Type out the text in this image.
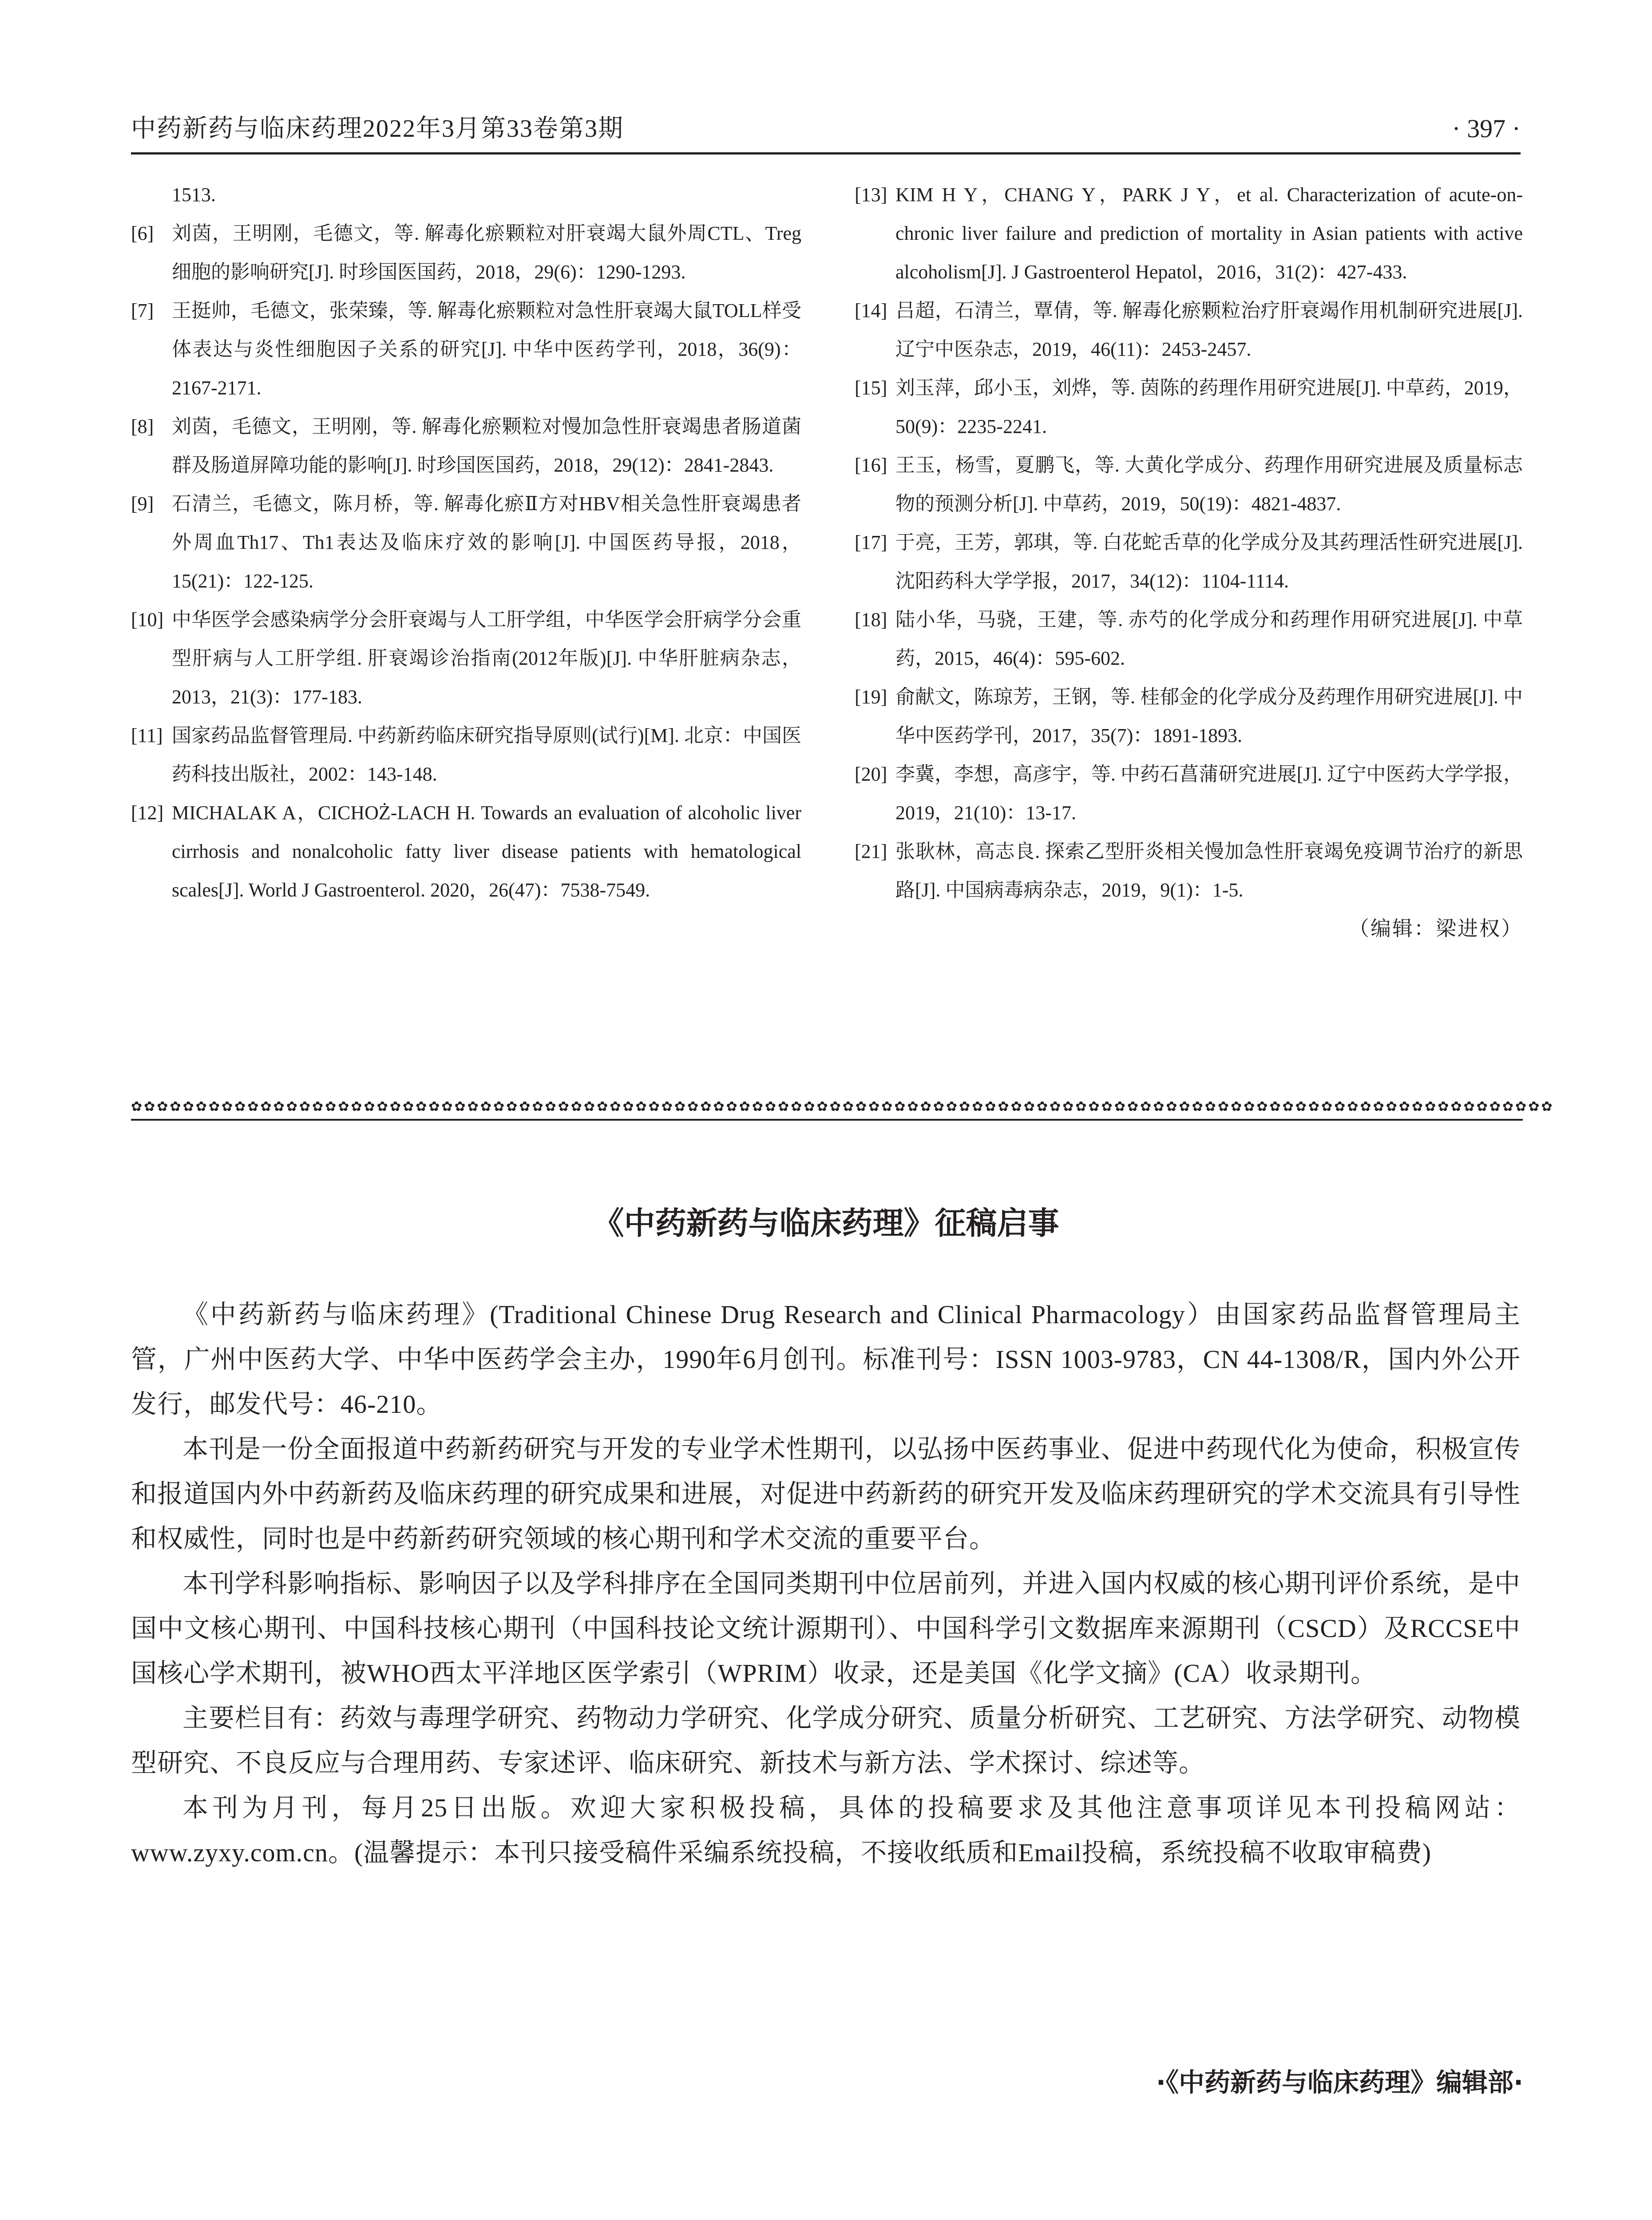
中药新药与临床药理2022年3月第33卷第3期	· 397 ·
1513.
[6] 刘茵，王明刚，毛德文，等. 解毒化瘀颗粒对肝衰竭大鼠外周CTL、Treg细胞的影响研究[J]. 时珍国医国药，2018，29(6)：1290-1293.
[7] 王挺帅，毛德文，张荣臻，等. 解毒化瘀颗粒对急性肝衰竭大鼠TOLL样受体表达与炎性细胞因子关系的研究[J]. 中华中医药学刊，2018，36(9)：2167-2171.
[8] 刘茵，毛德文，王明刚，等. 解毒化瘀颗粒对慢加急性肝衰竭患者肠道菌群及肠道屏障功能的影响[J]. 时珍国医国药，2018，29(12)：2841-2843.
[9] 石清兰，毛德文，陈月桥，等. 解毒化瘀Ⅱ方对HBV相关急性肝衰竭患者外周血Th17、Th1表达及临床疗效的影响[J]. 中国医药导报，2018，15(21)：122-125.
[10] 中华医学会感染病学分会肝衰竭与人工肝学组，中华医学会肝病学分会重型肝病与人工肝学组. 肝衰竭诊治指南(2012年版)[J]. 中华肝脏病杂志，2013，21(3)：177-183.
[11] 国家药品监督管理局. 中药新药临床研究指导原则(试行)[M]. 北京：中国医药科技出版社，2002：143-148.
[12] MICHALAK A，CICHOŻ-LACH H. Towards an evaluation of alcoholic liver cirrhosis and nonalcoholic fatty liver disease patients with hematological scales[J]. World J Gastroenterol. 2020，26(47)：7538-7549.
[13] KIM H Y，CHANG Y，PARK J Y，et al. Characterization of acute-on-chronic liver failure and prediction of mortality in Asian patients with active alcoholism[J]. J Gastroenterol Hepatol，2016，31(2)：427-433.
[14] 吕超，石清兰，覃倩，等. 解毒化瘀颗粒治疗肝衰竭作用机制研究进展[J]. 辽宁中医杂志，2019，46(11)：2453-2457.
[15] 刘玉萍，邱小玉，刘烨，等. 茵陈的药理作用研究进展[J]. 中草药，2019，50(9)：2235-2241.
[16] 王玉，杨雪，夏鹏飞，等. 大黄化学成分、药理作用研究进展及质量标志物的预测分析[J]. 中草药，2019，50(19)：4821-4837.
[17] 于亮，王芳，郭琪，等. 白花蛇舌草的化学成分及其药理活性研究进展[J]. 沈阳药科大学学报，2017，34(12)：1104-1114.
[18] 陆小华，马骁，王建，等. 赤芍的化学成分和药理作用研究进展[J]. 中草药，2015，46(4)：595-602.
[19] 俞献文，陈琼芳，王钢，等. 桂郁金的化学成分及药理作用研究进展[J]. 中华中医药学刊，2017，35(7)：1891-1893.
[20] 李冀，李想，高彦宇，等. 中药石菖蒲研究进展[J]. 辽宁中医药大学学报，2019，21(10)：13-17.
[21] 张耿林，高志良. 探索乙型肝炎相关慢加急性肝衰竭免疫调节治疗的新思路[J]. 中国病毒病杂志，2019，9(1)：1-5.
（编辑：梁进权）
✿✿✿✿✿✿✿✿✿✿✿✿✿✿✿✿✿✿✿✿✿✿✿✿✿✿✿✿✿✿✿✿✿✿✿✿✿✿✿✿✿✿✿✿✿✿✿✿✿✿✿✿✿✿✿✿✿✿✿✿✿✿✿✿✿✿✿✿✿✿✿✿✿✿✿✿✿✿✿✿✿✿✿✿✿✿✿✿✿✿✿✿✿✿✿✿✿✿✿✿✿✿✿✿✿✿✿✿✿✿
《中药新药与临床药理》征稿启事

《中药新药与临床药理》(Traditional Chinese Drug Research and Clinical Pharmacology）由国家药品监督管理局主管，广州中医药大学、中华中医药学会主办，1990年6月创刊。标准刊号：ISSN 1003-9783，CN 44-1308/R，国内外公开发行，邮发代号：46-210。

本刊是一份全面报道中药新药研究与开发的专业学术性期刊，以弘扬中医药事业、促进中药现代化为使命，积极宣传和报道国内外中药新药及临床药理的研究成果和进展，对促进中药新药的研究开发及临床药理研究的学术交流具有引导性和权威性，同时也是中药新药研究领域的核心期刊和学术交流的重要平台。

本刊学科影响指标、影响因子以及学科排序在全国同类期刊中位居前列，并进入国内权威的核心期刊评价系统，是中国中文核心期刊、中国科技核心期刊（中国科技论文统计源期刊）、中国科学引文数据库来源期刊（CSCD）及RCCSE中国核心学术期刊，被WHO西太平洋地区医学索引（WPRIM）收录，还是美国《化学文摘》(CA）收录期刊。

主要栏目有：药效与毒理学研究、药物动力学研究、化学成分研究、质量分析研究、工艺研究、方法学研究、动物模型研究、不良反应与合理用药、专家述评、临床研究、新技术与新方法、学术探讨、综述等。

本刊为月刊，每月25日出版。欢迎大家积极投稿，具体的投稿要求及其他注意事项详见本刊投稿网站：www.zyxy.com.cn。(温馨提示：本刊只接受稿件采编系统投稿，不接收纸质和Email投稿，系统投稿不收取审稿费)

·《中药新药与临床药理》编辑部·
